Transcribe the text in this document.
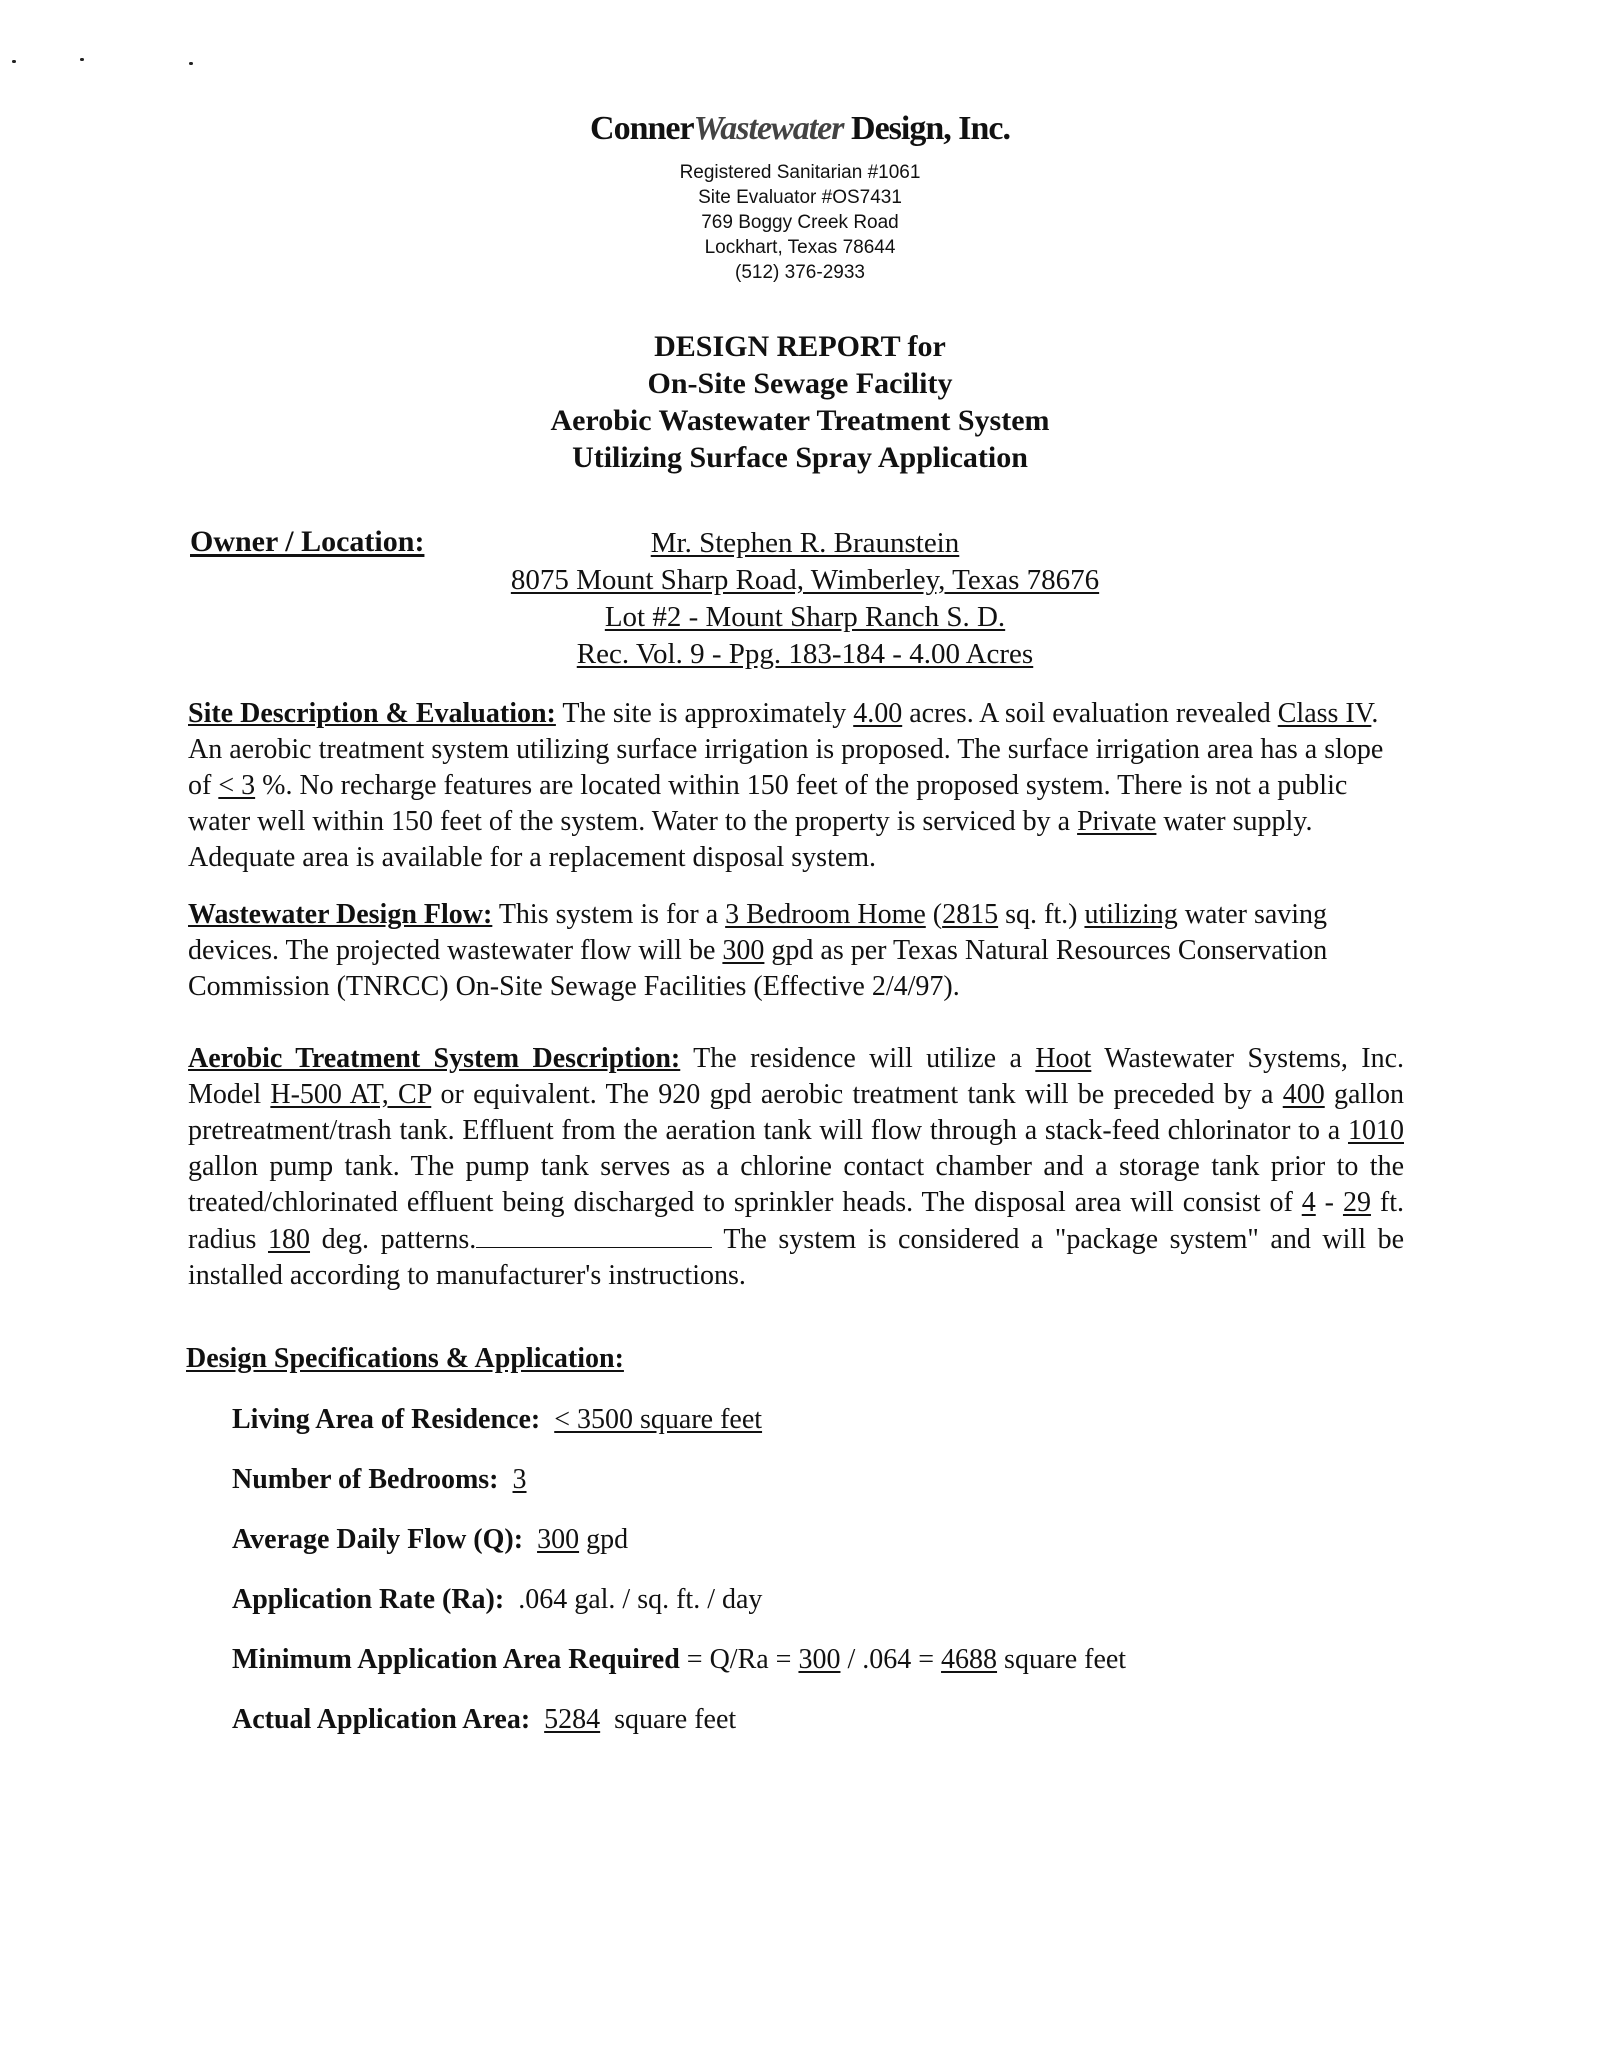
ConnerWastewater Design, Inc.
Registered Sanitarian #1061
Site Evaluator #OS7431
769 Boggy Creek Road
Lockhart, Texas 78644
(512) 376-2933
DESIGN REPORT for
On-Site Sewage Facility
Aerobic Wastewater Treatment System
Utilizing Surface Spray Application
Owner / Location:	Mr. Stephen R. Braunstein
8075 Mount Sharp Road, Wimberley, Texas 78676
Lot #2 - Mount Sharp Ranch S. D.
Rec. Vol. 9 - Ppg. 183-184 - 4.00 Acres
Site Description & Evaluation: The site is approximately 4.00 acres. A soil evaluation revealed Class IV. An aerobic treatment system utilizing surface irrigation is proposed. The surface irrigation area has a slope of < 3 %. No recharge features are located within 150 feet of the proposed system. There is not a public water well within 150 feet of the system. Water to the property is serviced by a Private water supply. Adequate area is available for a replacement disposal system.
Wastewater Design Flow: This system is for a 3 Bedroom Home (2815 sq. ft.) utilizing water saving devices. The projected wastewater flow will be 300 gpd as per Texas Natural Resources Conservation Commission (TNRCC) On-Site Sewage Facilities (Effective 2/4/97).
Aerobic Treatment System Description: The residence will utilize a Hoot Wastewater Systems, Inc. Model H-500 AT, CP or equivalent. The 920 gpd aerobic treatment tank will be preceded by a 400 gallon pretreatment/trash tank. Effluent from the aeration tank will flow through a stack-feed chlorinator to a 1010 gallon pump tank. The pump tank serves as a chlorine contact chamber and a storage tank prior to the treated/chlorinated effluent being discharged to sprinkler heads. The disposal area will consist of 4 - 29 ft. radius 180 deg. patterns.	The system is considered a "package system" and will be installed according to manufacturer's instructions.
Design Specifications & Application:
Living Area of Residence: < 3500 square feet
Number of Bedrooms: 3
Average Daily Flow (Q): 300 gpd
Application Rate (Ra): .064 gal. / sq. ft. / day
Minimum Application Area Required = Q/Ra = 300 / .064 = 4688 square feet
Actual Application Area: 5284 square feet
